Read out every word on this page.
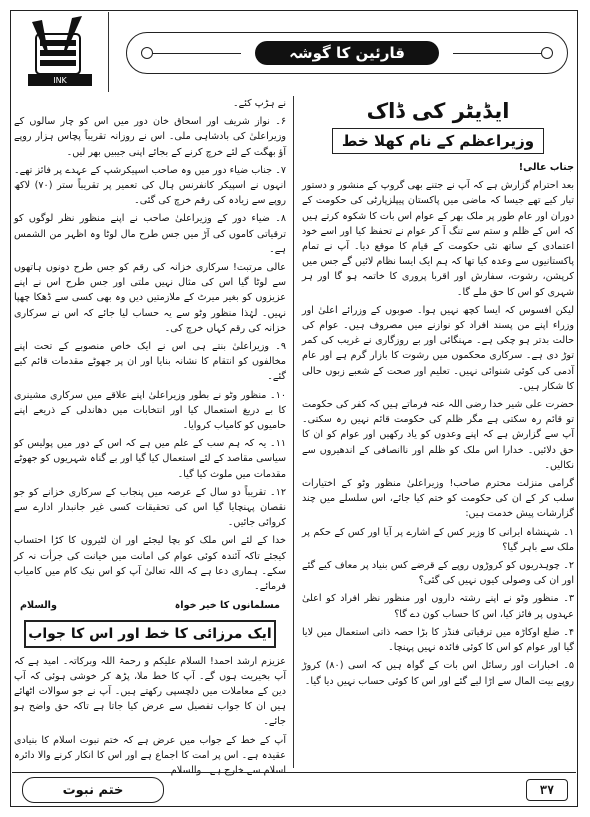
INK
قارئین کا گوشہ
ایڈیٹر کی ڈاک
وزیراعظم کے نام کھلا خط
جناب عالی!

بعد احترام گزارش ہے کہ آپ نے جتنے بھی گروپ کے منشور و دستور تیار کیے تھے جیسا کہ ماضی میں پاکستان پیپلزپارٹی کی حکومت کے دوران اور عام طور پر ملک بھر کے عوام اس بات کا شکوہ کرتے ہیں کہ اس کے ظلم و ستم سے تنگ آ کر عوام نے تحفظ کیا اور اسے خود اعتمادی کے ساتھ نئی حکومت کے قیام کا موقع دیا۔ آپ نے تمام پاکستانیوں سے وعدہ کیا تھا کہ ہم ایک ایسا نظام لائیں گے جس میں کرپشن، رشوت، سفارش اور اقربا پروری کا خاتمہ ہو گا اور ہر شہری کو اس کا حق ملے گا۔

لیکن افسوس کہ ایسا کچھ نہیں ہوا۔ صوبوں کے وزرائے اعلیٰ اور وزراء اپنے من پسند افراد کو نوازنے میں مصروف ہیں۔ عوام کی حالت بدتر ہو چکی ہے۔ مہنگائی اور بے روزگاری نے غریب کی کمر توڑ دی ہے۔ سرکاری محکموں میں رشوت کا بازار گرم ہے اور عام آدمی کی کوئی شنوائی نہیں۔ تعلیم اور صحت کے شعبے زبوں حالی کا شکار ہیں۔

حضرت علی شیر خدا رضی اللہ عنہ فرماتے ہیں کہ کفر کی حکومت تو قائم رہ سکتی ہے مگر ظلم کی حکومت قائم نہیں رہ سکتی۔ آپ سے گزارش ہے کہ اپنے وعدوں کو یاد رکھیں اور عوام کو ان کا حق دلائیں۔ خدارا اس ملک کو ظلم اور ناانصافی کے اندھیروں سے نکالیں۔

گرامی منزلت محترم صاحب! وزیراعلیٰ منظور وٹو کے اختیارات سلب کر کے ان کی حکومت کو ختم کیا جائے، اس سلسلے میں چند گزارشات پیش خدمت ہیں:

۱۔ شہنشاہ ایرانی کا وزیر کس کے اشارے پر آیا اور کس کے حکم پر ملک سے باہر گیا؟

۲۔ چوہدریوں کو کروڑوں روپے کے قرضے کس بنیاد پر معاف کیے گئے اور ان کی وصولی کیوں نہیں کی گئی؟

۳۔ منظور وٹو نے اپنے رشتہ داروں اور منظور نظر افراد کو اعلیٰ عہدوں پر فائز کیا، اس کا حساب کون دے گا؟

۴۔ ضلع اوکاڑہ میں ترقیاتی فنڈز کا بڑا حصہ ذاتی استعمال میں لایا گیا اور عوام کو اس کا کوئی فائدہ نہیں پہنچا۔

۵۔ اخبارات اور رسائل اس بات کے گواہ ہیں کہ اسی (۸۰) کروڑ روپے بیت المال سے اڑا لیے گئے اور اس کا کوئی حساب نہیں دیا گیا۔

نے ہڑپ کئے۔

۶۔ نواز شریف اور اسحاق خان دور میں اس کو چار سالوں کے وزیراعلیٰ کی بادشاہی ملی۔ اس نے روزانہ تقریباً پچاس ہزار روپے آؤ بھگت کے لئے خرچ کرنے کے بجائے اپنی جیبیں بھر لیں۔

۷۔ جناب ضیاء دور میں وہ صاحب اسپیکرشپ کے عہدے پر فائز تھے۔ انہوں نے اسپیکر کانفرنس ہال کی تعمیر پر تقریباً ستر (۷۰) لاکھ روپے سے زیادہ کی رقم خرچ کی گئی۔

۸۔ ضیاء دور کے وزیراعلیٰ صاحب نے اپنے منظور نظر لوگوں کو ترقیاتی کاموں کی آڑ میں جس طرح مال لوٹا وہ اظہر من الشمس ہے۔

عالی مرتبت! سرکاری خزانہ کی رقم کو جس طرح دونوں ہاتھوں سے لوٹا گیا اس کی مثال نہیں ملتی اور جس طرح اس نے اپنے عزیزوں کو بغیر میرٹ کے ملازمتیں دیں وہ بھی کسی سے ڈھکا چھپا نہیں۔ لہٰذا منظور وٹو سے یہ حساب لیا جائے کہ اس نے سرکاری خزانہ کی رقم کہاں خرچ کی۔

۹۔ وزیراعلیٰ بنتے ہی اس نے ایک خاص منصوبے کے تحت اپنے مخالفوں کو انتقام کا نشانہ بنایا اور ان پر جھوٹے مقدمات قائم کیے گئے۔

۱۰۔ منظور وٹو نے بطور وزیراعلیٰ اپنے علاقے میں سرکاری مشینری کا بے دریغ استعمال کیا اور انتخابات میں دھاندلی کے ذریعے اپنے حامیوں کو کامیاب کروایا۔

۱۱۔ یہ کہ ہم سب کے علم میں ہے کہ اس کے دور میں پولیس کو سیاسی مقاصد کے لئے استعمال کیا گیا اور بے گناہ شہریوں کو جھوٹے مقدمات میں ملوث کیا گیا۔

۱۲۔ تقریباً دو سال کے عرصہ میں پنجاب کے سرکاری خزانے کو جو نقصان پہنچایا گیا اس کی تحقیقات کسی غیر جانبدار ادارے سے کروائی جائیں۔

خدا کے لئے اس ملک کو بچا لیجئے اور ان لٹیروں کا کڑا احتساب کیجئے تاکہ آئندہ کوئی عوام کی امانت میں خیانت کی جرأت نہ کر سکے۔ ہماری دعا ہے کہ اللہ تعالیٰ آپ کو اس نیک کام میں کامیاب فرمائے۔

مسلمانوں کا خیر خواہ
والسلام
ایک مرزائی کا خط اور اس کا جواب

عزیزم ارشد احمد! السلام علیکم و رحمۃ اللہ وبرکاتہ۔ امید ہے کہ آپ بخیریت ہوں گے۔ آپ کا خط ملا، پڑھ کر خوشی ہوئی کہ آپ دین کے معاملات میں دلچسپی رکھتے ہیں۔ آپ نے جو سوالات اٹھائے ہیں ان کا جواب تفصیل سے عرض کیا جاتا ہے تاکہ حق واضح ہو جائے۔

آپ کے خط کے جواب میں عرض ہے کہ ختم نبوت اسلام کا بنیادی عقیدہ ہے۔ اس پر امت کا اجماع ہے اور اس کا انکار کرنے والا دائرہ اسلام سے خارج ہے۔ والسلام۔

۳۷
ختم نبوت
